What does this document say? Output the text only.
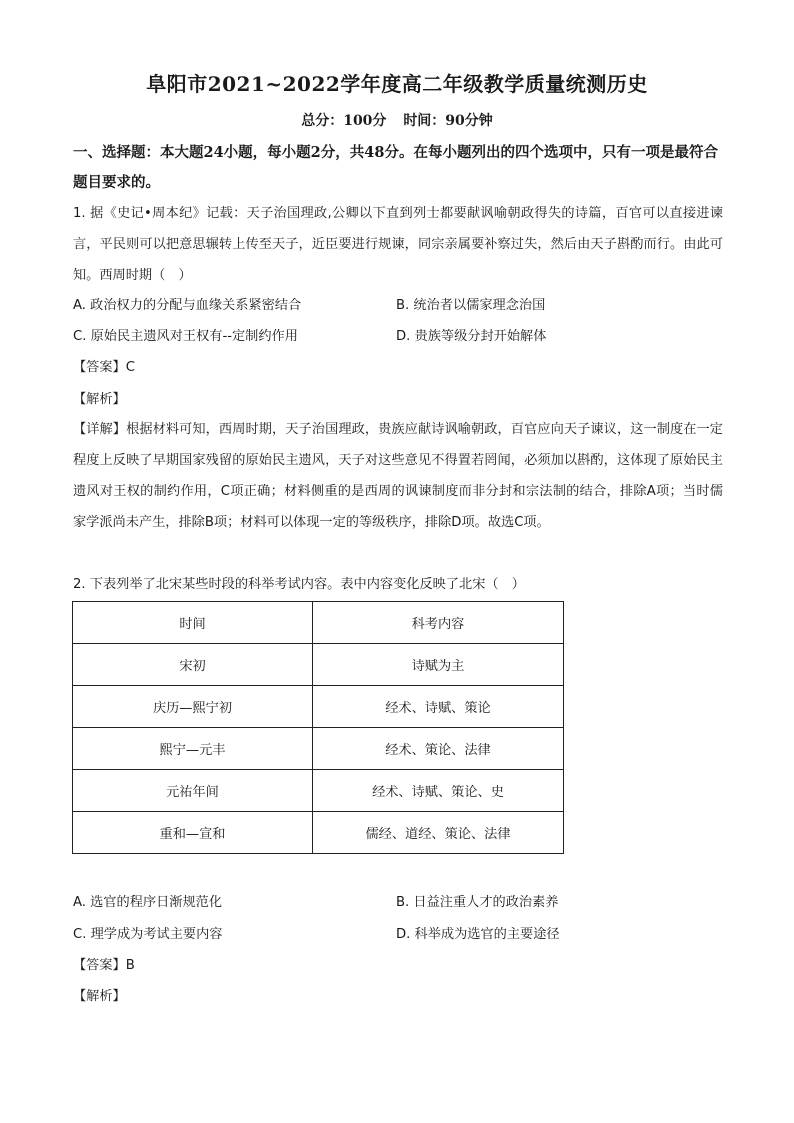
阜阳市2021~2022学年度高二年级教学质量统测历史
总分：100分 时间：90分钟
一、选择题：本大题24小题，每小题2分，共48分。在每小题列出的四个选项中，只有一项是最符合题目要求的。
1. 据《史记•周本纪》记载：天子治国理政,公卿以下直到列士都要献讽喻朝政得失的诗篇，百官可以直接进谏言，平民则可以把意思辗转上传至天子，近臣要进行规谏，同宗亲属要补察过失，然后由天子斟酌而行。由此可知。西周时期（　）
A. 政治权力的分配与血缘关系紧密结合	B. 统治者以儒家理念治国
C. 原始民主遗风对王权有--定制约作用	D. 贵族等级分封开始解体
【答案】C
【解析】
【详解】根据材料可知，西周时期，天子治国理政，贵族应献诗讽喻朝政，百官应向天子谏议，这一制度在一定程度上反映了早期国家残留的原始民主遗风，天子对这些意见不得置若罔闻，必须加以斟酌，这体现了原始民主遗风对王权的制约作用，C项正确；材料侧重的是西周的讽谏制度而非分封和宗法制的结合，排除A项；当时儒家学派尚未产生，排除B项；材料可以体现一定的等级秩序，排除D项。故选C项。
2. 下表列举了北宋某些时段的科举考试内容。表中内容变化反映了北宋（　）
时间	科考内容
宋初	诗赋为主
庆历—熙宁初	经术、诗赋、策论
熙宁—元丰	经术、策论、法律
元祐年间	经术、诗赋、策论、史
重和—宣和	儒经、道经、策论、法律
A. 选官的程序日渐规范化	B. 日益注重人才的政治素养
C. 理学成为考试主要内容	D. 科举成为选官的主要途径
【答案】B
【解析】
